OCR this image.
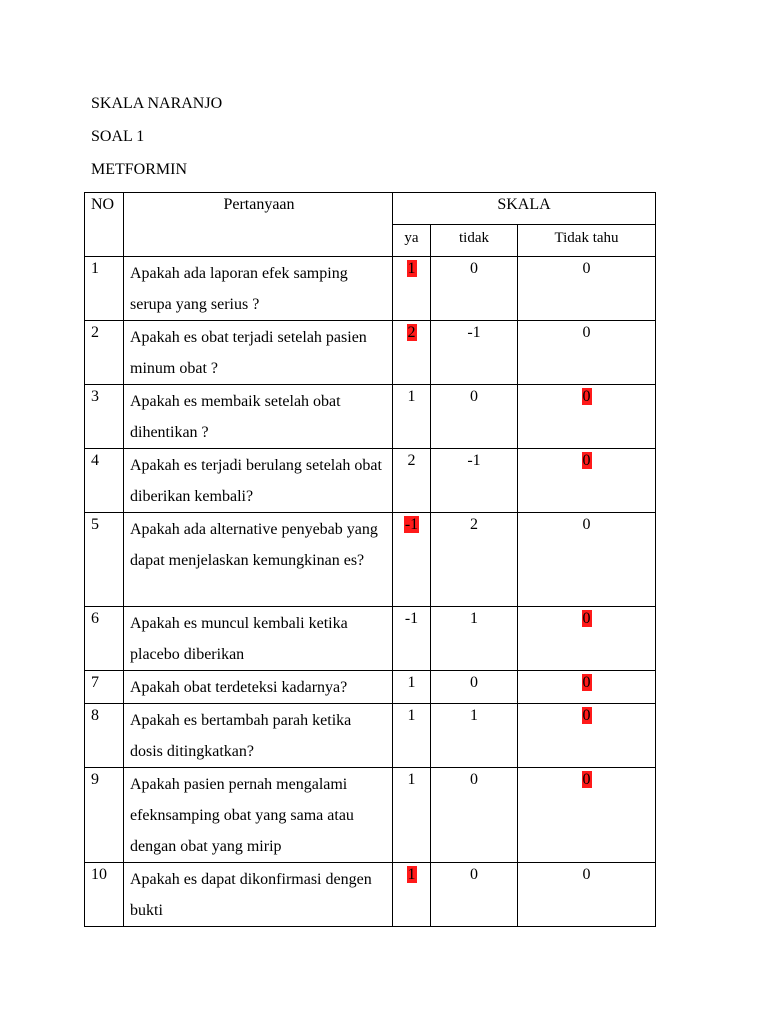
SKALA NARANJO

SOAL 1

METFORMIN

NO	Pertanyaan	SKALA		
		ya	tidak	Tidak tahu
1	Apakah ada laporan efek samping serupa yang serius ?	1	0	0
2	Apakah es obat terjadi setelah pasien minum obat ?	2	-1	0
3	Apakah es membaik setelah obat dihentikan ?	1	0	0
4	Apakah es terjadi berulang setelah obat diberikan kembali?	2	-1	0
5	Apakah ada alternative penyebab yang dapat menjelaskan kemungkinan es?	-1	2	0
6	Apakah es muncul kembali ketika placebo diberikan	-1	1	0
7	Apakah obat terdeteksi kadarnya?	1	0	0
8	Apakah es bertambah parah ketika dosis ditingkatkan?	1	1	0
9	Apakah pasien pernah mengalami efeknsamping obat yang sama atau dengan obat yang mirip	1	0	0
10	Apakah es dapat dikonfirmasi dengen bukti	1	0	0
